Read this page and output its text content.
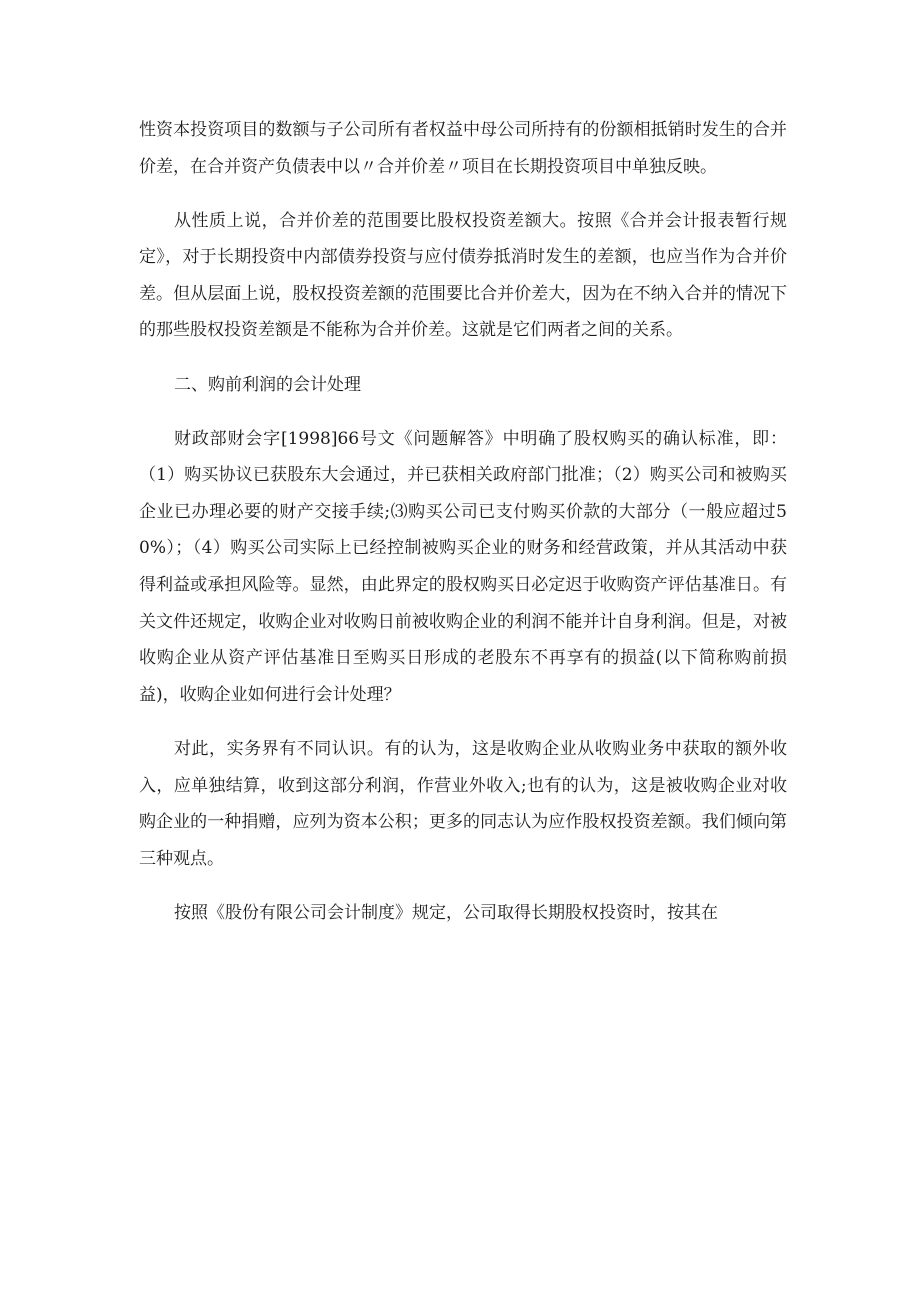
性资本投资项目的数额与子公司所有者权益中母公司所持有的份额相抵销时发生的合并价差，在合并资产负债表中以〃合并价差〃项目在长期投资项目中单独反映。

从性质上说，合并价差的范围要比股权投资差额大。按照《合并会计报表暂行规定》，对于长期投资中内部债券投资与应付债券抵消时发生的差额，也应当作为合并价差。但从层面上说，股权投资差额的范围要比合并价差大，因为在不纳入合并的情况下的那些股权投资差额是不能称为合并价差。这就是它们两者之间的关系。

二、购前利润的会计处理

财政部财会字[1998]66号文《问题解答》中明确了股权购买的确认标准，即：（1）购买协议已获股东大会通过，并已获相关政府部门批准；（2）购买公司和被购买企业已办理必要的财产交接手续;⑶购买公司已支付购买价款的大部分（一般应超过50%）；（4）购买公司实际上已经控制被购买企业的财务和经营政策，并从其活动中获得利益或承担风险等。显然，由此界定的股权购买日必定迟于收购资产评估基准日。有关文件还规定，收购企业对收购日前被收购企业的利润不能并计自身利润。但是，对被收购企业从资产评估基准日至购买日形成的老股东不再享有的损益(以下简称购前损益)，收购企业如何进行会计处理？

对此，实务界有不同认识。有的认为，这是收购企业从收购业务中获取的额外收入，应单独结算，收到这部分利润，作营业外收入;也有的认为，这是被收购企业对收购企业的一种捐赠，应列为资本公积；更多的同志认为应作股权投资差额。我们倾向第三种观点。

按照《股份有限公司会计制度》规定，公司取得长期股权投资时，按其在
